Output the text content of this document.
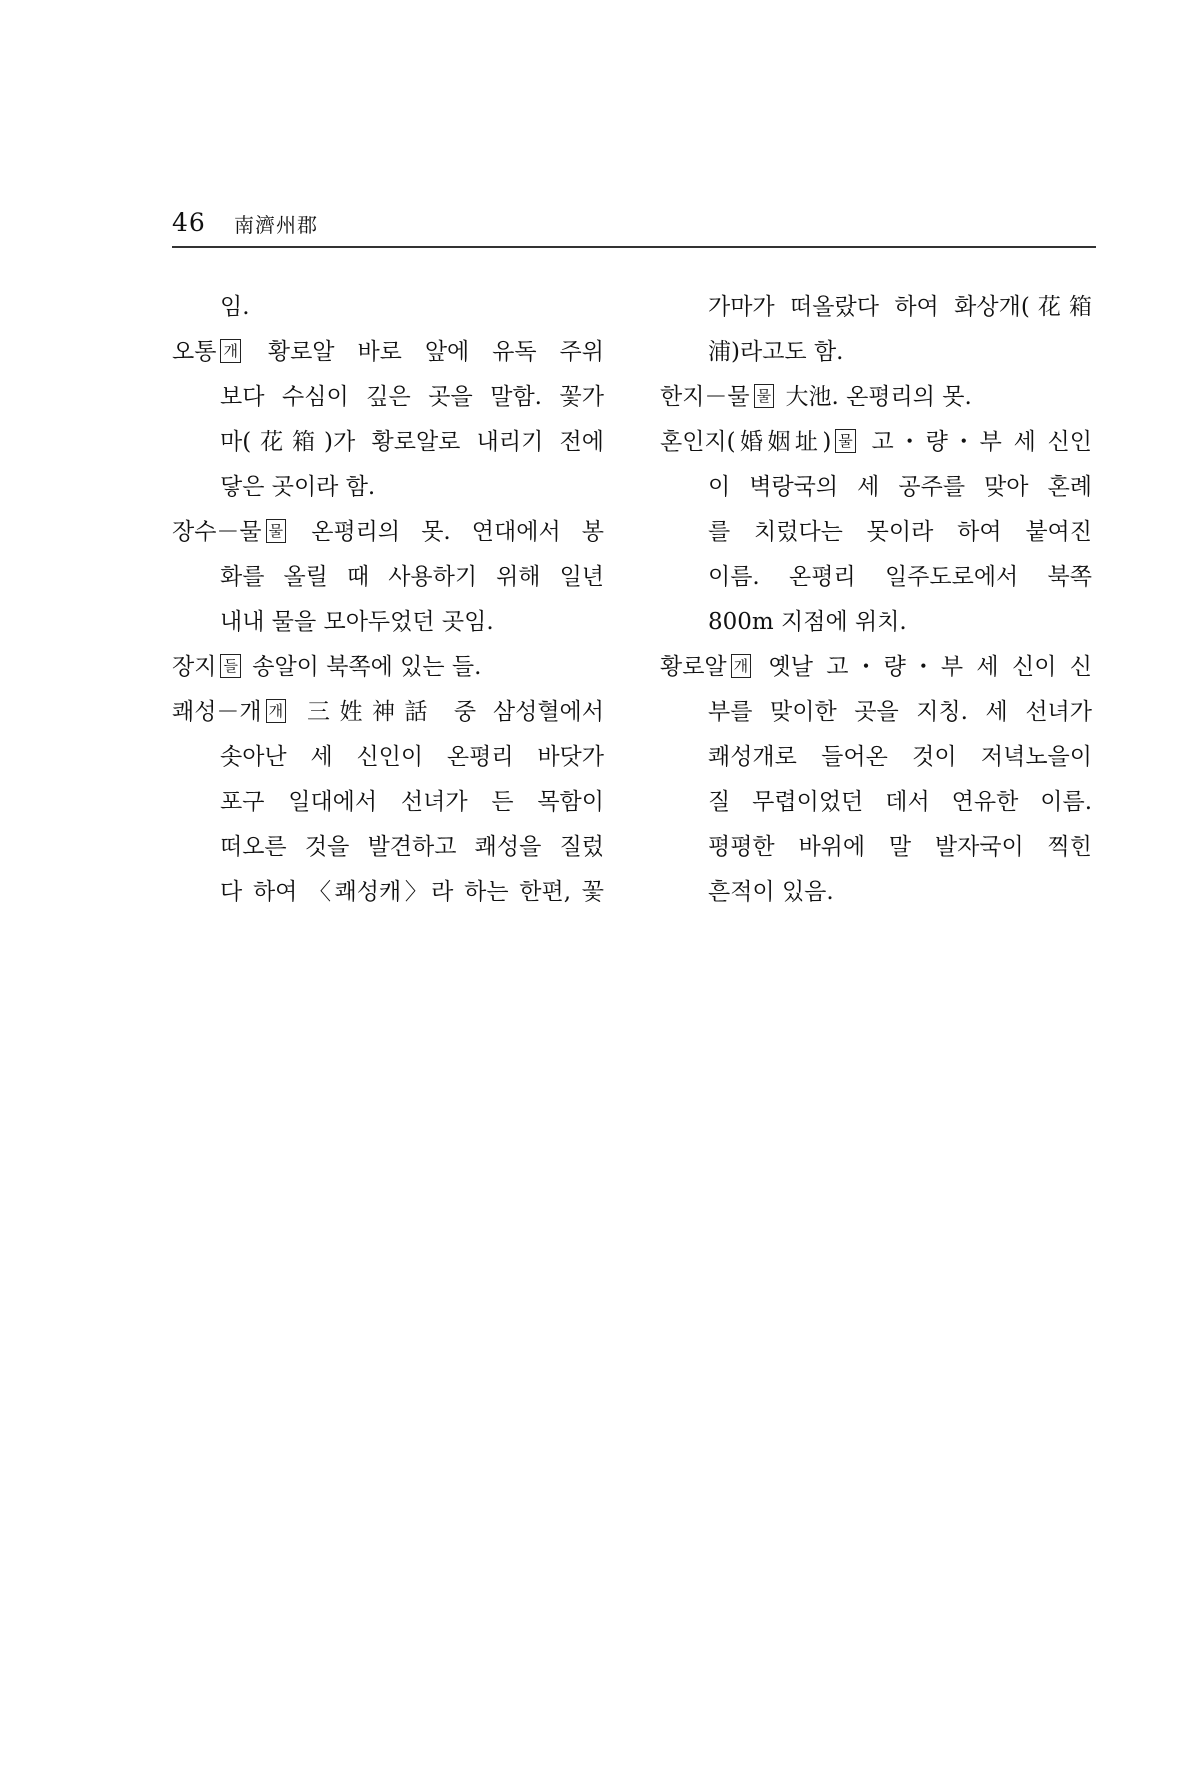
46 南濟州郡
임.
오통 개 황로알 바로 앞에 유독 주위
보다 수심이 깊은 곳을 말함. 꽃가
마(花箱)가 황로알로 내리기 전에
닿은 곳이라 함.
장수－물 물 온평리의 못. 연대에서 봉
화를 올릴 때 사용하기 위해 일년
내내 물을 모아두었던 곳임.
장지 들 송알이 북쪽에 있는 들.
쾌성－개 개 三姓神話 중 삼성혈에서
솟아난 세 신인이 온평리 바닷가
포구 일대에서 선녀가 든 목함이
떠오른 것을 발견하고 쾌성을 질렀
다 하여 〈쾌성캐〉라 하는 한편, 꽃
가마가 떠올랐다 하여 화상개(花箱
浦)라고도 함.
한지－물 물 大池. 온평리의 못.
혼인지(婚姻址) 물 고・량・부 세 신인
이 벽랑국의 세 공주를 맞아 혼례
를 치렀다는 못이라 하여 붙여진
이름. 온평리 일주도로에서 북쪽
800m 지점에 위치.
황로알 개 옛날 고・량・부 세 신이 신
부를 맞이한 곳을 지칭. 세 선녀가
쾌성개로 들어온 것이 저녁노을이
질 무렵이었던 데서 연유한 이름.
평평한 바위에 말 발자국이 찍힌
흔적이 있음.
